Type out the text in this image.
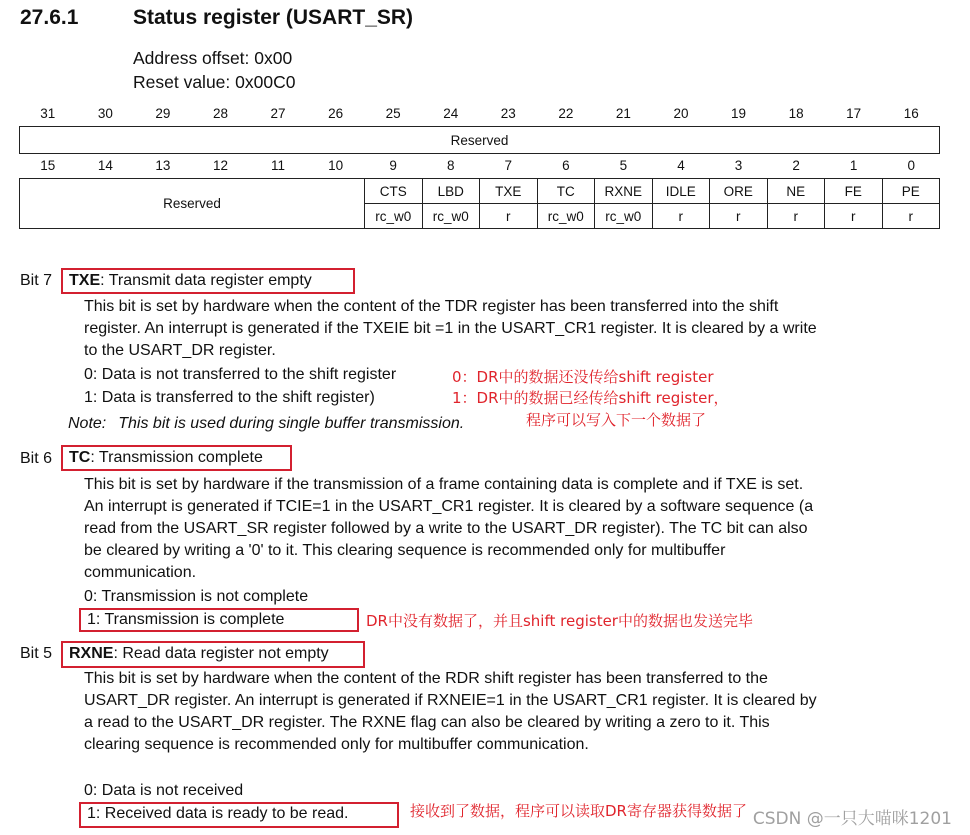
27.6.1	Status register (USART_SR)
Address offset: 0x00
Reset value: 0x00C0
31	30	29	28	27	26	25	24	23	22	21	20	19	18	17	16
Reserved
15	14	13	12	11	10	9	8	7	6	5	4	3	2	1	0
Reserved	CTS	LBD	TXE	TC	RXNE	IDLE	ORE	NE	FE	PE
	rc_w0	rc_w0	r	rc_w0	rc_w0	r	r	r	r	r
Bit 7	TXE: Transmit data register empty
This bit is set by hardware when the content of the TDR register has been transferred into the shift register. An interrupt is generated if the TXEIE bit =1 in the USART_CR1 register. It is cleared by a write to the USART_DR register.
0: Data is not transferred to the shift register
1: Data is transferred to the shift register)
Note: This bit is used during single buffer transmission.
0：DR中的数据还没传给shift register
1：DR中的数据已经传给shift register，
程序可以写入下一个数据了
Bit 6	TC: Transmission complete
This bit is set by hardware if the transmission of a frame containing data is complete and if TXE is set. An interrupt is generated if TCIE=1 in the USART_CR1 register. It is cleared by a software sequence (a read from the USART_SR register followed by a write to the USART_DR register). The TC bit can also be cleared by writing a '0' to it. This clearing sequence is recommended only for multibuffer communication.
0: Transmission is not complete
1: Transmission is complete	DR中没有数据了，并且shift register中的数据也发送完毕
Bit 5	RXNE: Read data register not empty
This bit is set by hardware when the content of the RDR shift register has been transferred to the USART_DR register. An interrupt is generated if RXNEIE=1 in the USART_CR1 register. It is cleared by a read to the USART_DR register. The RXNE flag can also be cleared by writing a zero to it. This clearing sequence is recommended only for multibuffer communication.
0: Data is not received
1: Received data is ready to be read.	接收到了数据，程序可以读取DR寄存器获得数据了 CSDN @一只大喵咪1201
